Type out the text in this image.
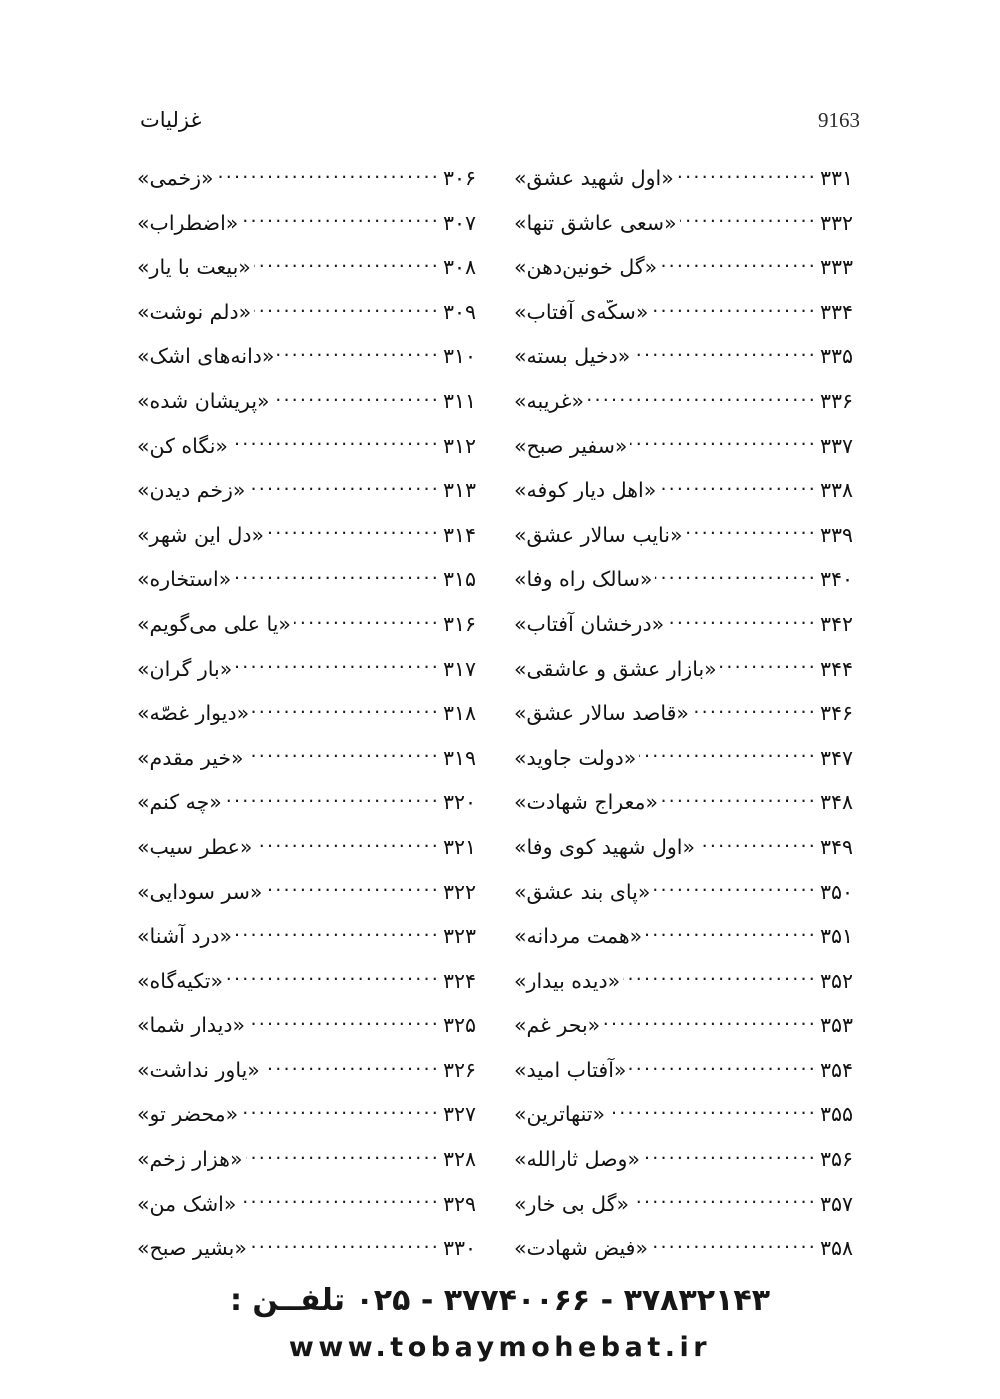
غزلیات	9163
«زخمی» .....	۳۰۶
«اضطراب» .....	۳۰۷
«بیعت با یار» .....	۳۰۸
«دلم نوشت» .....	۳۰۹
«دانه‌های اشک» .....	۳۱۰
«پریشان شده» .....	۳۱۱
«نگاه کن» .....	۳۱۲
«زخم دیدن» .....	۳۱۳
«دل این شهر» .....	۳۱۴
«استخاره» .....	۳۱۵
«یا علی می‌گویم» .....	۳۱۶
«بار گران» .....	۳۱۷
«دیوار غصّه» .....	۳۱۸
«خیر مقدم» .....	۳۱۹
«چه کنم» .....	۳۲۰
«عطر سیب» .....	۳۲۱
«سر سودایی» .....	۳۲۲
«درد آشنا» .....	۳۲۳
«تکیه‌گاه» .....	۳۲۴
«دیدار شما» .....	۳۲۵
«یاور نداشت» .....	۳۲۶
«محضر تو» .....	۳۲۷
«هزار زخم» .....	۳۲۸
«اشک من» .....	۳۲۹
«بشیر صبح» .....	۳۳۰
«اول شهید عشق» .....	۳۳۱
«سعی عاشق تنها» .....	۳۳۲
«گل خونین‌دهن» .....	۳۳۳
«سکّه‌ی آفتاب» .....	۳۳۴
«دخیل بسته» .....	۳۳۵
«غریبه» .....	۳۳۶
«سفیر صبح» .....	۳۳۷
«اهل دیار کوفه» .....	۳۳۸
«نایب سالار عشق» .....	۳۳۹
«سالک راه وفا» .....	۳۴۰
«درخشان آفتاب» .....	۳۴۲
«بازار عشق و عاشقی» .....	۳۴۴
«قاصد سالار عشق» .....	۳۴۶
«دولت جاوید» .....	۳۴۷
«معراج شهادت» .....	۳۴۸
«اول شهید کوی وفا» .....	۳۴۹
«پای بند عشق» .....	۳۵۰
«همت مردانه» .....	۳۵۱
«دیده بیدار» .....	۳۵۲
«بحر غم» .....	۳۵۳
«آفتاب امید» .....	۳۵۴
«تنهاترین» .....	۳۵۵
«وصل ثارالله» .....	۳۵۶
«گل بی خار» .....	۳۵۷
«فیض شهادت» .....	۳۵۸
۳۷۸۳۲۱۴۳ - ۳۷۷۴۰۰۶۶ - ۰۲۵ تلفــن :
www.tobaymohebat.ir
